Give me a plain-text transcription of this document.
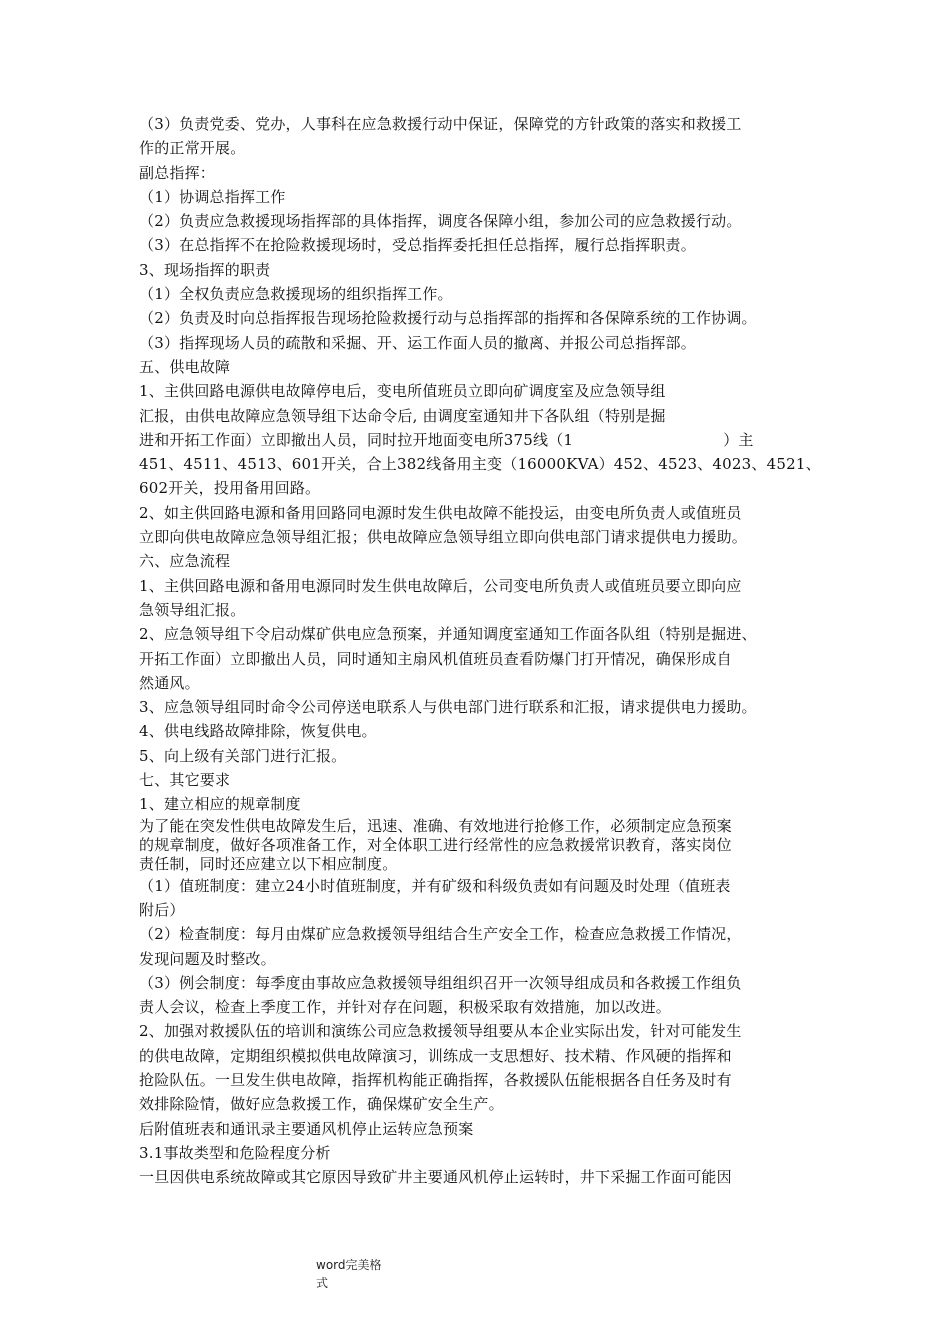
（3）负责党委、党办，人事科在应急救援行动中保证，保障党的方针政策的落实和救援工
作的正常开展。
副总指挥：
（1）协调总指挥工作
（2）负责应急救援现场指挥部的具体指挥，调度各保障小组，参加公司的应急救援行动。
（3）在总指挥不在抢险救援现场时，受总指挥委托担任总指挥，履行总指挥职责。
3、现场指挥的职责
（1）全权负责应急救援现场的组织指挥工作。
（2）负责及时向总指挥报告现场抢险救援行动与总指挥部的指挥和各保障系统的工作协调。
（3）指挥现场人员的疏散和采掘、开、运工作面人员的撤离、并报公司总指挥部。
五、供电故障
1、主供回路电源供电故障停电后，变电所值班员立即向矿调度室及应急领导组
汇报，由供电故障应急领导组下达命令后, 由调度室通知井下各队组（特别是掘
进和开拓工作面）立即撤出人员，同时拉开地面变电所375线（1	）主
451、4511、4513、601开关，合上382线备用主变（16000KVA）452、4523、4023、4521、
602开关，投用备用回路。
2、如主供回路电源和备用回路同电源时发生供电故障不能投运，由变电所负责人或值班员
立即向供电故障应急领导组汇报；供电故障应急领导组立即向供电部门请求提供电力援助。
六、应急流程
1、主供回路电源和备用电源同时发生供电故障后，公司变电所负责人或值班员要立即向应
急领导组汇报。
2、应急领导组下令启动煤矿供电应急预案，并通知调度室通知工作面各队组（特别是掘进、
开拓工作面）立即撤出人员，同时通知主扇风机值班员查看防爆门打开情况，确保形成自
然通风。
3、应急领导组同时命令公司停送电联系人与供电部门进行联系和汇报，请求提供电力援助。
4、供电线路故障排除，恢复供电。
5、向上级有关部门进行汇报。
七、其它要求
1、建立相应的规章制度
为了能在突发性供电故障发生后，迅速、准确、有效地进行抢修工作，必须制定应急预案
的规章制度，做好各项准备工作，对全体职工进行经常性的应急救援常识教育，落实岗位
责任制，同时还应建立以下相应制度。
（1）值班制度：建立24小时值班制度，并有矿级和科级负责如有问题及时处理（值班表
附后）
（2）检查制度：每月由煤矿应急救援领导组结合生产安全工作，检查应急救援工作情况，
发现问题及时整改。
（3）例会制度：每季度由事故应急救援领导组组织召开一次领导组成员和各救援工作组负
责人会议，检查上季度工作，并针对存在问题，积极采取有效措施，加以改进。
2、加强对救援队伍的培训和演练公司应急救援领导组要从本企业实际出发，针对可能发生
的供电故障，定期组织模拟供电故障演习，训练成一支思想好、技术精、作风硬的指挥和
抢险队伍。一旦发生供电故障，指挥机构能正确指挥，各救援队伍能根据各自任务及时有
效排除险情，做好应急救援工作，确保煤矿安全生产。
后附值班表和通讯录主要通风机停止运转应急预案
3.1事故类型和危险程度分析
一旦因供电系统故障或其它原因导致矿井主要通风机停止运转时，井下采掘工作面可能因
word完美格
式
